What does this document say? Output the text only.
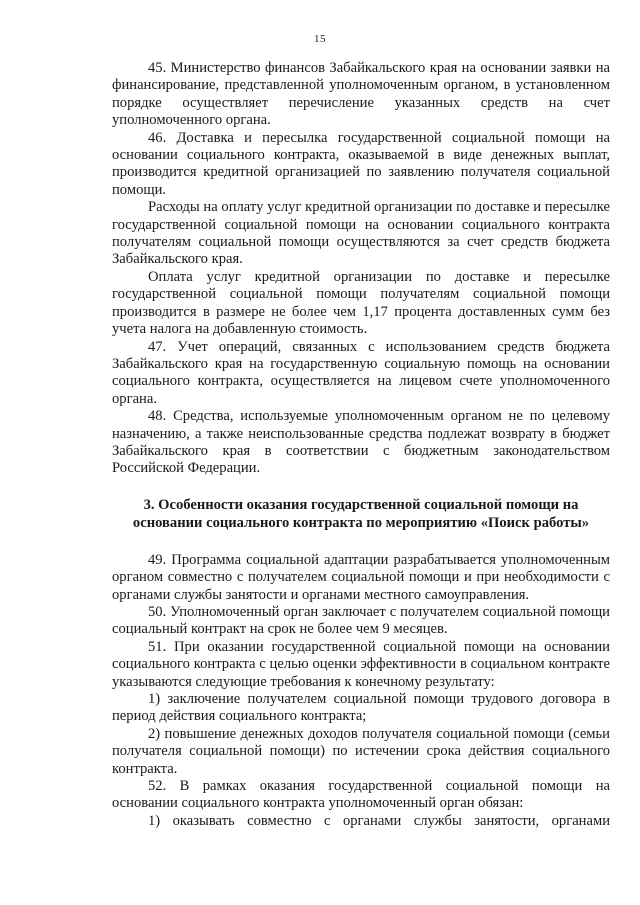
15

45. Министерство финансов Забайкальского края на основании заявки на финансирование, представленной уполномоченным органом, в установленном порядке осуществляет перечисление указанных средств на счет уполномоченного органа.

46. Доставка и пересылка государственной социальной помощи на основании социального контракта, оказываемой в виде денежных выплат, производится кредитной организацией по заявлению получателя социальной помощи.

Расходы на оплату услуг кредитной организации по доставке и пересылке государственной социальной помощи на основании социального контракта получателям социальной помощи осуществляются за счет средств бюджета Забайкальского края.

Оплата услуг кредитной организации по доставке и пересылке государственной социальной помощи получателям социальной помощи производится в размере не более чем 1,17 процента доставленных сумм без учета налога на добавленную стоимость.

47. Учет операций, связанных с использованием средств бюджета Забайкальского края на государственную социальную помощь на основании социального контракта, осуществляется на лицевом счете уполномоченного органа.

48. Средства, используемые уполномоченным органом не по целевому назначению, а также неиспользованные средства подлежат возврату в бюджет Забайкальского края в соответствии с бюджетным законодательством Российской Федерации.

3. Особенности оказания государственной социальной помощи на основании социального контракта по мероприятию «Поиск работы»

49. Программа социальной адаптации разрабатывается уполномоченным органом совместно с получателем социальной помощи и при необходимости с органами службы занятости и органами местного самоуправления.

50. Уполномоченный орган заключает с получателем социальной помощи социальный контракт на срок не более чем 9 месяцев.

51. При оказании государственной социальной помощи на основании социального контракта с целью оценки эффективности в социальном контракте указываются следующие требования к конечному результату:

1) заключение получателем социальной помощи трудового договора в период действия социального контракта;

2) повышение денежных доходов получателя социальной помощи (семьи получателя социальной помощи) по истечении срока действия социального контракта.

52. В рамках оказания государственной социальной помощи на основании социального контракта уполномоченный орган обязан:

1) оказывать совместно с органами службы занятости, органами
